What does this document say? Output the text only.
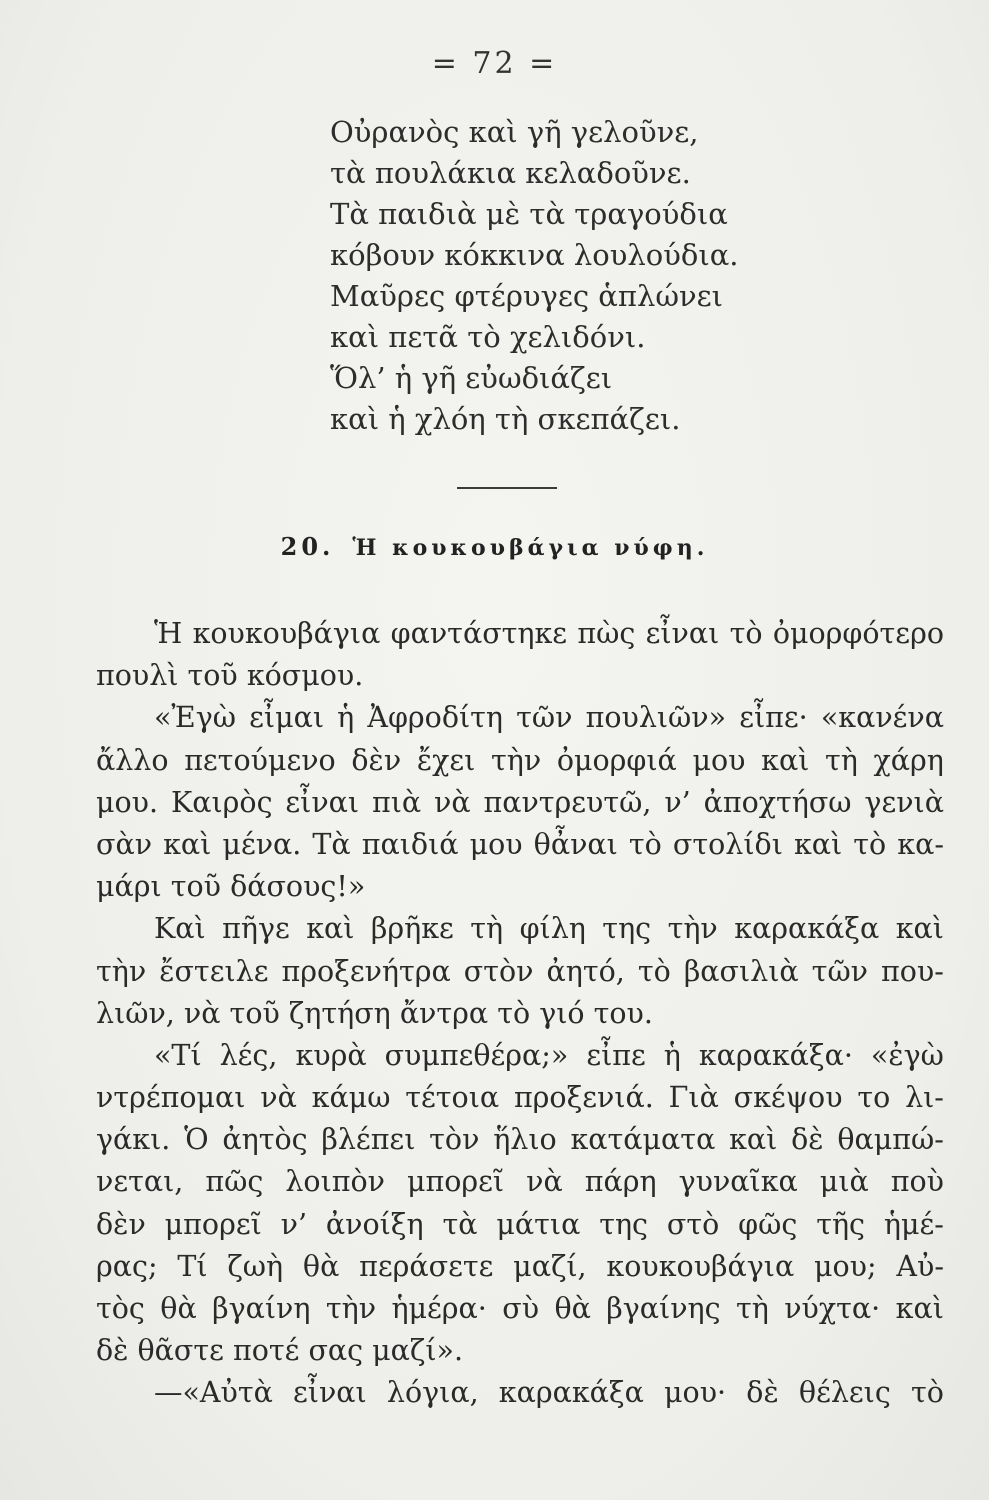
= 72 =
Οὐρανὸς καὶ γῆ γελοῦνε,
τὰ πουλάκια κελαδοῦνε.
Τὰ παιδιὰ μὲ τὰ τραγούδια
κόβουν κόκκινα λουλούδια.
Μαῦρες φτέρυγες ἁπλώνει
καὶ πετᾶ τὸ χελιδόνι.
Ὅλ’ ἡ γῆ εὐωδιάζει
καὶ ἡ χλόη τὴ σκεπάζει.
20. Ἡ κουκουβάγια νύφη.
Ἡ κουκουβάγια φαντάστηκε πὼς εἶναι τὸ ὀμορφότερο
πουλὶ τοῦ κόσμου.
«Ἐγὼ εἶμαι ἡ Ἀφροδίτη τῶν πουλιῶν» εἶπε· «κανένα
ἄλλο πετούμενο δὲν ἔχει τὴν ὀμορφιά μου καὶ τὴ χάρη
μου. Καιρὸς εἶναι πιὰ νὰ παντρευτῶ, ν’ ἀποχτήσω γενιὰ
σὰν καὶ μένα. Τὰ παιδιά μου θἆναι τὸ στολίδι καὶ τὸ κα-
μάρι τοῦ δάσους!»
Καὶ πῆγε καὶ βρῆκε τὴ φίλη της τὴν καρακάξα καὶ
τὴν ἔστειλε προξενήτρα στὸν ἀητό, τὸ βασιλιὰ τῶν που-
λιῶν, νὰ τοῦ ζητήση ἄντρα τὸ γιό του.
«Τί λές, κυρὰ συμπεθέρα;» εἶπε ἡ καρακάξα· «ἐγὼ
ντρέπομαι νὰ κάμω τέτοια προξενιά. Γιὰ σκέψου το λι-
γάκι. Ὁ ἀητὸς βλέπει τὸν ἥλιο κατάματα καὶ δὲ θαμπώ-
νεται, πῶς λοιπὸν μπορεῖ νὰ πάρη γυναῖκα μιὰ ποὺ
δὲν μπορεῖ ν’ ἀνοίξη τὰ μάτια της στὸ φῶς τῆς ἡμέ-
ρας; Τί ζωὴ θὰ περάσετε μαζί, κουκουβάγια μου; Αὐ-
τὸς θὰ βγαίνη τὴν ἡμέρα· σὺ θὰ βγαίνης τὴ νύχτα· καὶ
δὲ θᾶστε ποτέ σας μαζί».
—«Αὐτὰ εἶναι λόγια, καρακάξα μου· δὲ θέλεις τὸ
